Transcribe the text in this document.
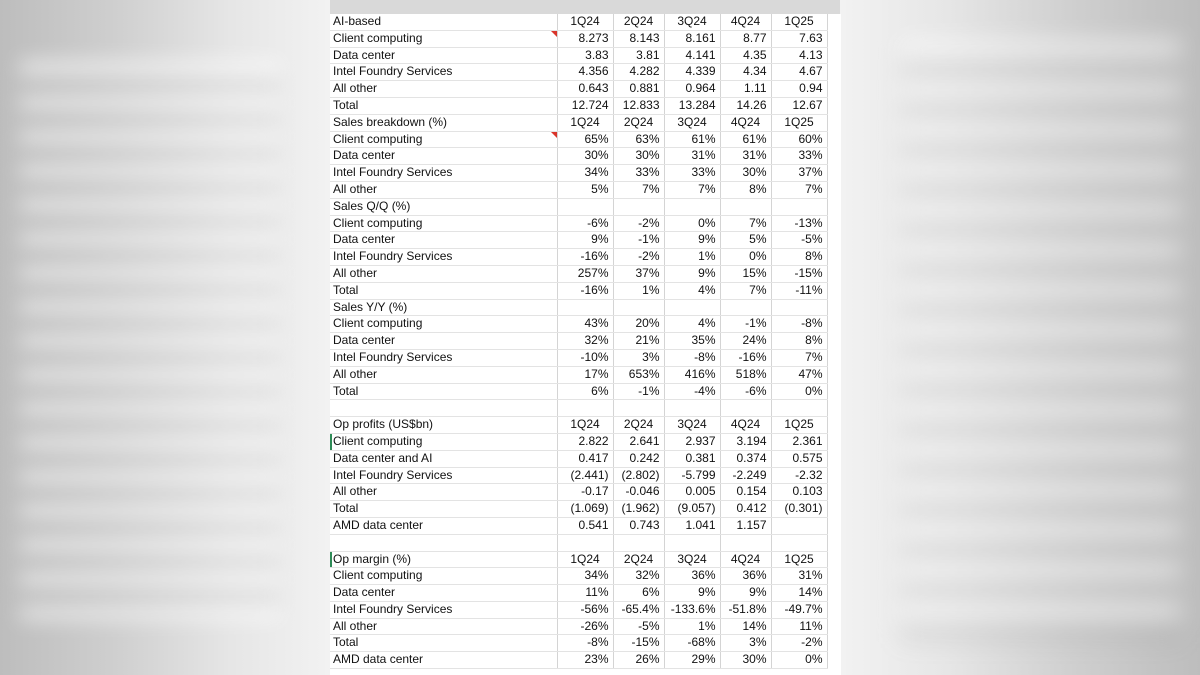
AI-based	1Q24	2Q24	3Q24	4Q24	1Q25
Client computing	8.273	8.143	8.161	8.77	7.63
Data center	3.83	3.81	4.141	4.35	4.13
Intel Foundry Services	4.356	4.282	4.339	4.34	4.67
All other	0.643	0.881	0.964	1.11	0.94
Total	12.724	12.833	13.284	14.26	12.67
Sales breakdown (%)	1Q24	2Q24	3Q24	4Q24	1Q25
Client computing	65%	63%	61%	61%	60%
Data center	30%	30%	31%	31%	33%
Intel Foundry Services	34%	33%	33%	30%	37%
All other	5%	7%	7%	8%	7%
Sales Q/Q (%)					
Client computing	-6%	-2%	0%	7%	-13%
Data center	9%	-1%	9%	5%	-5%
Intel Foundry Services	-16%	-2%	1%	0%	8%
All other	257%	37%	9%	15%	-15%
Total	-16%	1%	4%	7%	-11%
Sales Y/Y (%)					
Client computing	43%	20%	4%	-1%	-8%
Data center	32%	21%	35%	24%	8%
Intel Foundry Services	-10%	3%	-8%	-16%	7%
All other	17%	653%	416%	518%	47%
Total	6%	-1%	-4%	-6%	0%

Op profits (US$bn)	1Q24	2Q24	3Q24	4Q24	1Q25
Client computing	2.822	2.641	2.937	3.194	2.361
Data center and AI	0.417	0.242	0.381	0.374	0.575
Intel Foundry Services	(2.441)	(2.802)	-5.799	-2.249	-2.32
All other	-0.17	-0.046	0.005	0.154	0.103
Total	(1.069)	(1.962)	(9.057)	0.412	(0.301)
AMD data center	0.541	0.743	1.041	1.157	

Op margin (%)	1Q24	2Q24	3Q24	4Q24	1Q25
Client computing	34%	32%	36%	36%	31%
Data center	11%	6%	9%	9%	14%
Intel Foundry Services	-56%	-65.4%	-133.6%	-51.8%	-49.7%
All other	-26%	-5%	1%	14%	11%
Total	-8%	-15%	-68%	3%	-2%
AMD data center	23%	26%	29%	30%	0%
